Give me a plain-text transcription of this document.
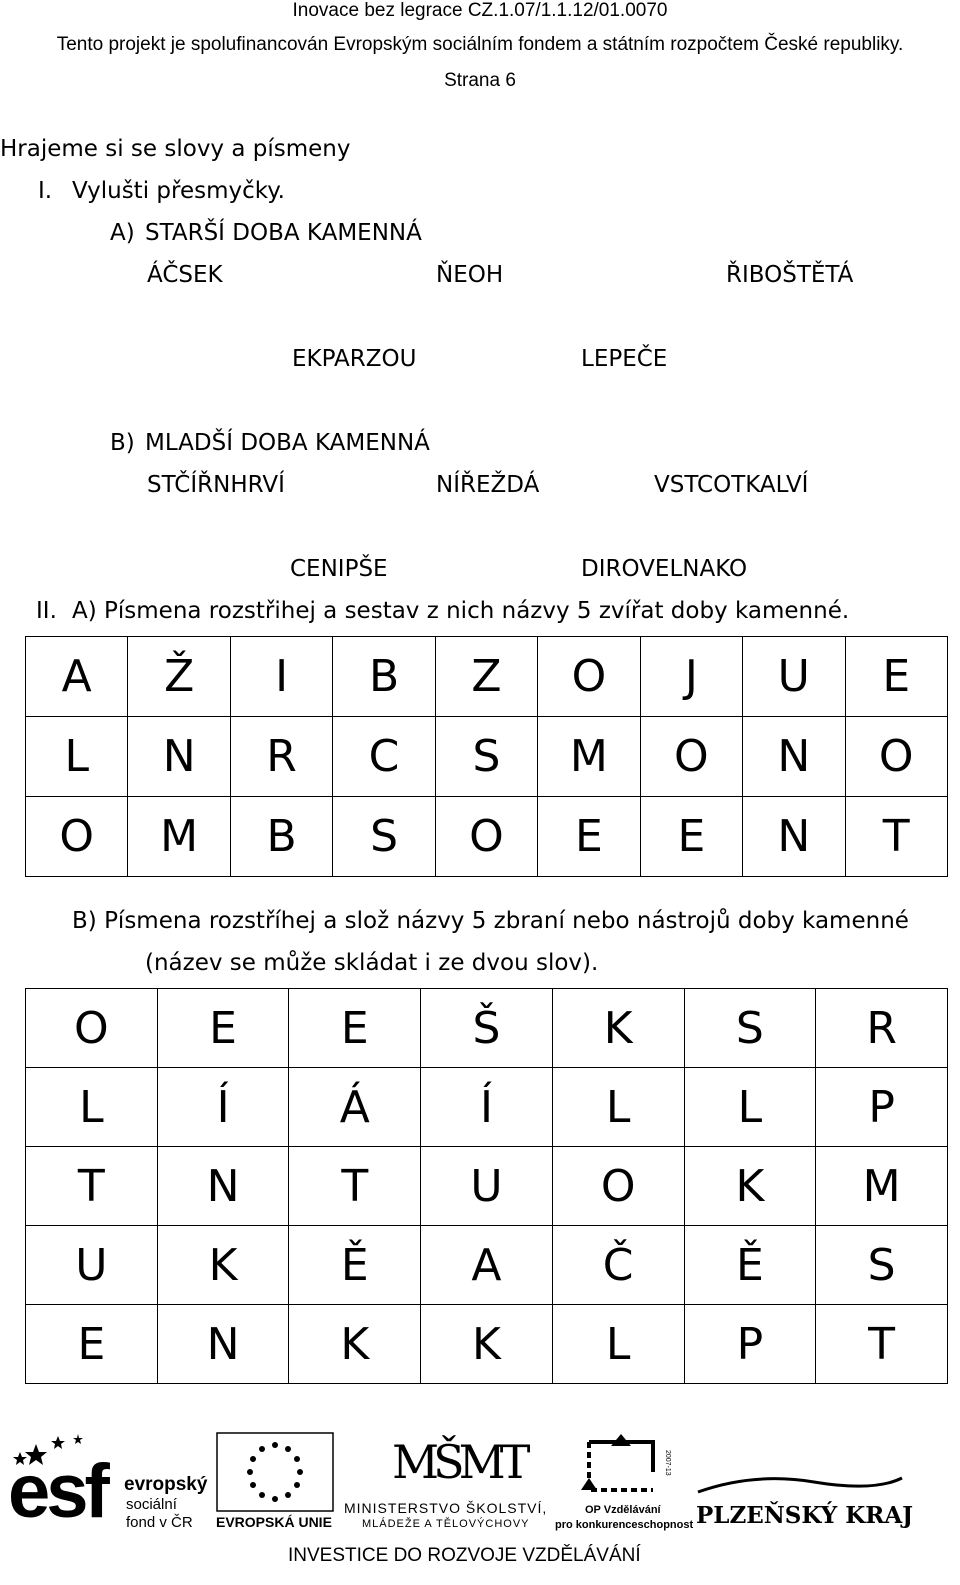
Inovace bez legrace CZ.1.07/1.1.12/01.0070
Tento projekt je spolufinancován Evropským sociálním fondem a státním rozpočtem České republiky.
Strana 6
Hrajeme si se slovy a písmeny
I. Vylušti přesmyčky.
A) STARŠÍ DOBA KAMENNÁ
ÁČSEK	ŇEOH	ŘIBOŠTĚTÁ
EKPARZOU	LEPEČE
B) MLADŠÍ DOBA KAMENNÁ
STČÍŘNHRVÍ	NÍŘEŽDÁ	VSTCOTKALVÍ
CENIPŠE	DIROVELNAKO
II. A) Písmena rozstřihej a sestav z nich názvy 5 zvířat doby kamenné.
A	Ž	I	B	Z	O	J	U	E
L	N	R	C	S	M	O	N	O
O	M	B	S	O	E	E	N	T
B) Písmena rozstříhej a slož názvy 5 zbraní nebo nástrojů doby kamenné
(název se může skládat i ze dvou slov).
O	E	E	Š	K	S	R
L	Í	Á	Í	L	L	P
T	N	T	U	O	K	M
U	K	Ě	A	Č	Ě	S
E	N	K	K	L	P	T
esf evropský
sociální
fond v ČR EVROPSKÁ UNIE
MŠMT
MINISTERSTVO ŠKOLSTVÍ,
MLÁDEŽE A TĚLOVÝCHOVY
2007-13
OP Vzdělávání
pro konkurenceschopnost PLZEŇSKÝ KRAJ
INVESTICE DO ROZVOJE VZDĚLÁVÁNÍ
